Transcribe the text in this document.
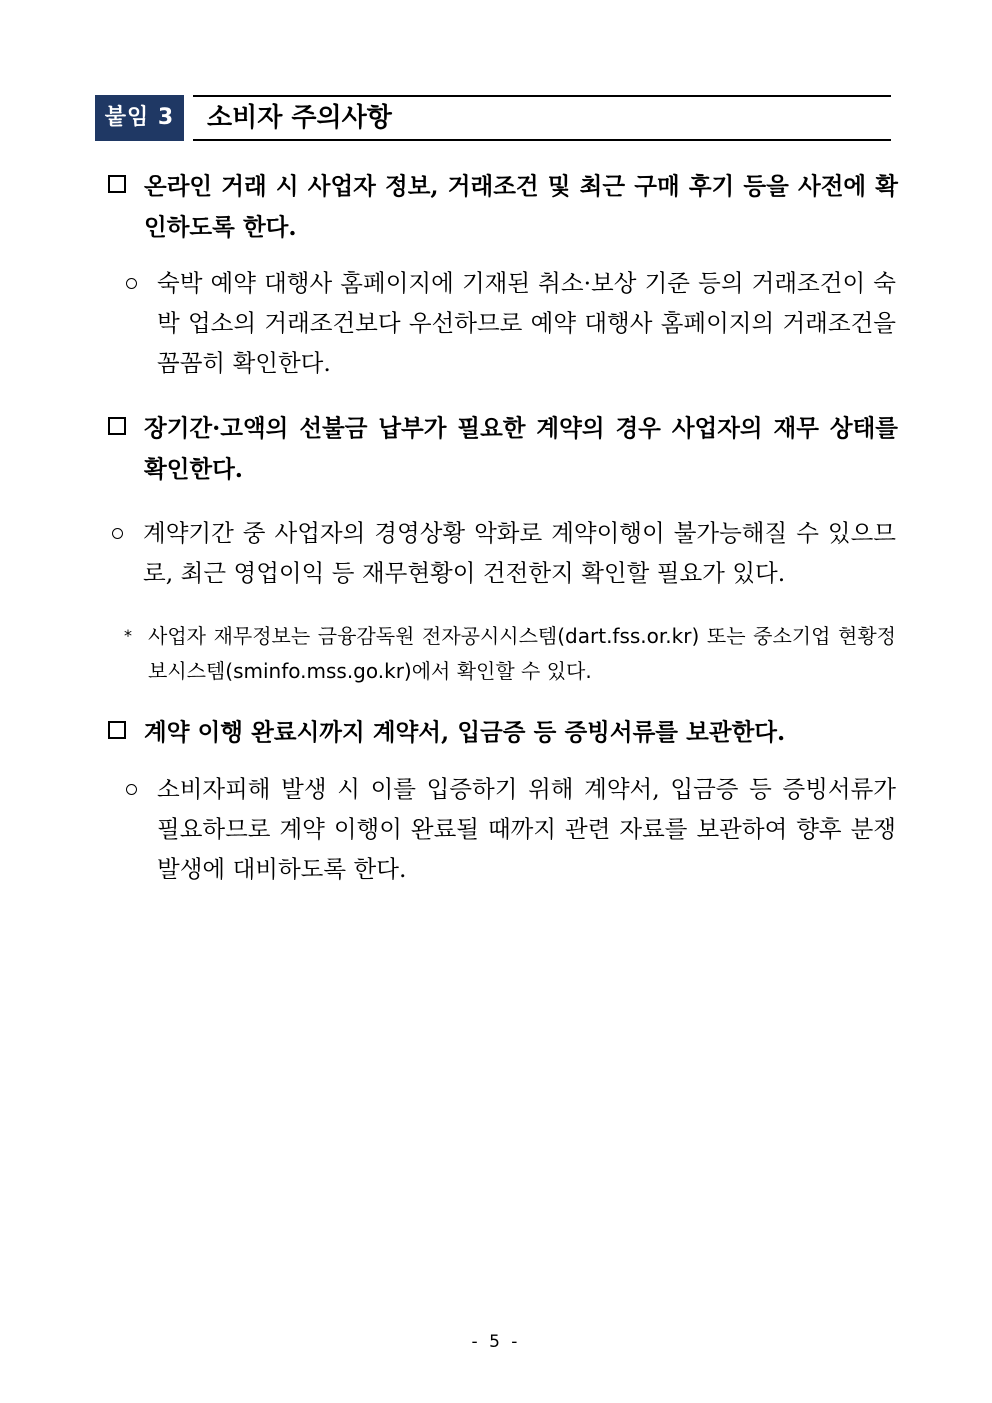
붙임 3	소비자 주의사항

온라인 거래 시 사업자 정보, 거래조건 및 최근 구매 후기 등을 사전에 확인하도록 한다.

숙박 예약 대행사 홈페이지에 기재된 취소·보상 기준 등의 거래조건이 숙박 업소의 거래조건보다 우선하므로 예약 대행사 홈페이지의 거래조건을 꼼꼼히 확인한다.

장기간·고액의 선불금 납부가 필요한 계약의 경우 사업자의 재무 상태를 확인한다.

계약기간 중 사업자의 경영상황 악화로 계약이행이 불가능해질 수 있으므로, 최근 영업이익 등 재무현황이 건전한지 확인할 필요가 있다.

* 사업자 재무정보는 금융감독원 전자공시시스템(dart.fss.or.kr) 또는 중소기업 현황정보시스템(sminfo.mss.go.kr)에서 확인할 수 있다.

계약 이행 완료시까지 계약서, 입금증 등 증빙서류를 보관한다.

소비자피해 발생 시 이를 입증하기 위해 계약서, 입금증 등 증빙서류가 필요하므로 계약 이행이 완료될 때까지 관련 자료를 보관하여 향후 분쟁 발생에 대비하도록 한다.

- 5 -
